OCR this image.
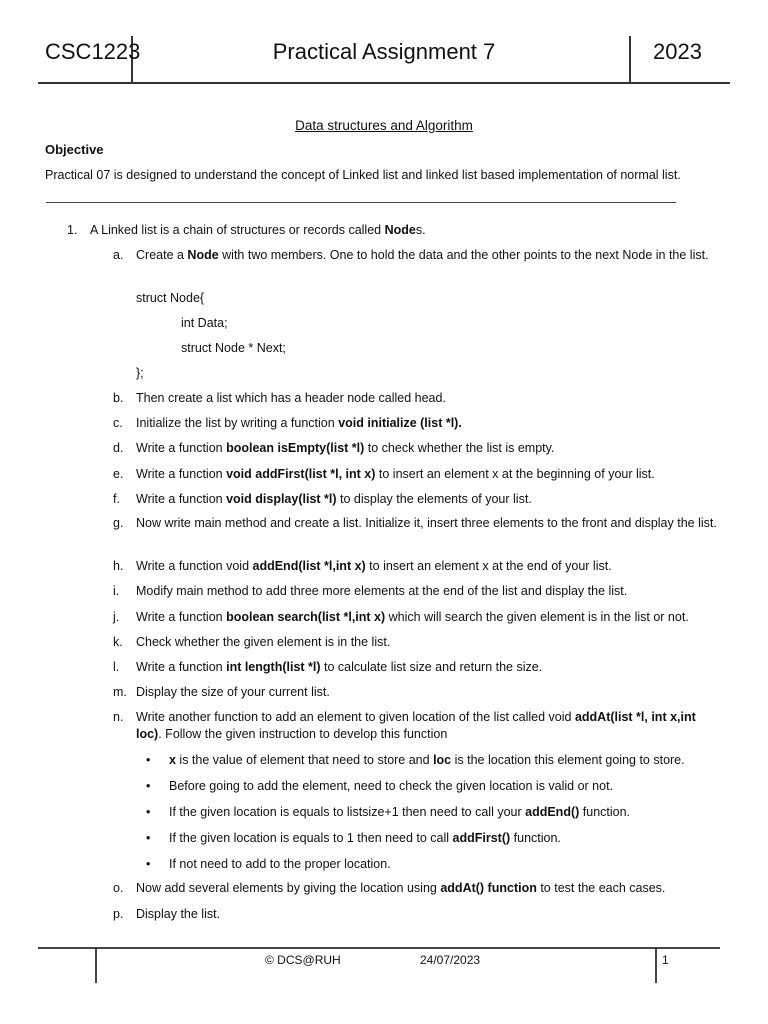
CSC1223	Practical Assignment 7	2023
Data structures and Algorithm
Objective
Practical 07 is designed to understand the concept of Linked list and linked list based implementation of normal list.
1. A Linked list is a chain of structures or records called Nodes.
a. Create a Node with two members. One to hold the data and the other points to the next Node in the list.
struct Node{
int Data;
struct Node * Next;
};
b. Then create a list which has a header node called head.
c. Initialize the list by writing a function void initialize (list *l).
d. Write a function boolean isEmpty(list *l) to check whether the list is empty.
e. Write a function void addFirst(list *l, int x) to insert an element x at the beginning of your list.
f. Write a function void display(list *l) to display the elements of your list.
g. Now write main method and create a list. Initialize it, insert three elements to the front and display the list.
h. Write a function void addEnd(list *l,int x) to insert an element x at the end of your list.
i. Modify main method to add three more elements at the end of the list and display the list.
j. Write a function boolean search(list *l,int x) which will search the given element is in the list or not.
k. Check whether the given element is in the list.
l. Write a function int length(list *l) to calculate list size and return the size.
m. Display the size of your current list.
n. Write another function to add an element to given location of the list called void addAt(list *l, int x,int loc). Follow the given instruction to develop this function
• x is the value of element that need to store and loc is the location this element going to store.
• Before going to add the element, need to check the given location is valid or not.
• If the given location is equals to listsize+1 then need to call your addEnd() function.
• If the given location is equals to 1 then need to call addFirst() function.
• If not need to add to the proper location.
o. Now add several elements by giving the location using addAt() function to test the each cases.
p. Display the list.
© DCS@RUH	24/07/2023	1
